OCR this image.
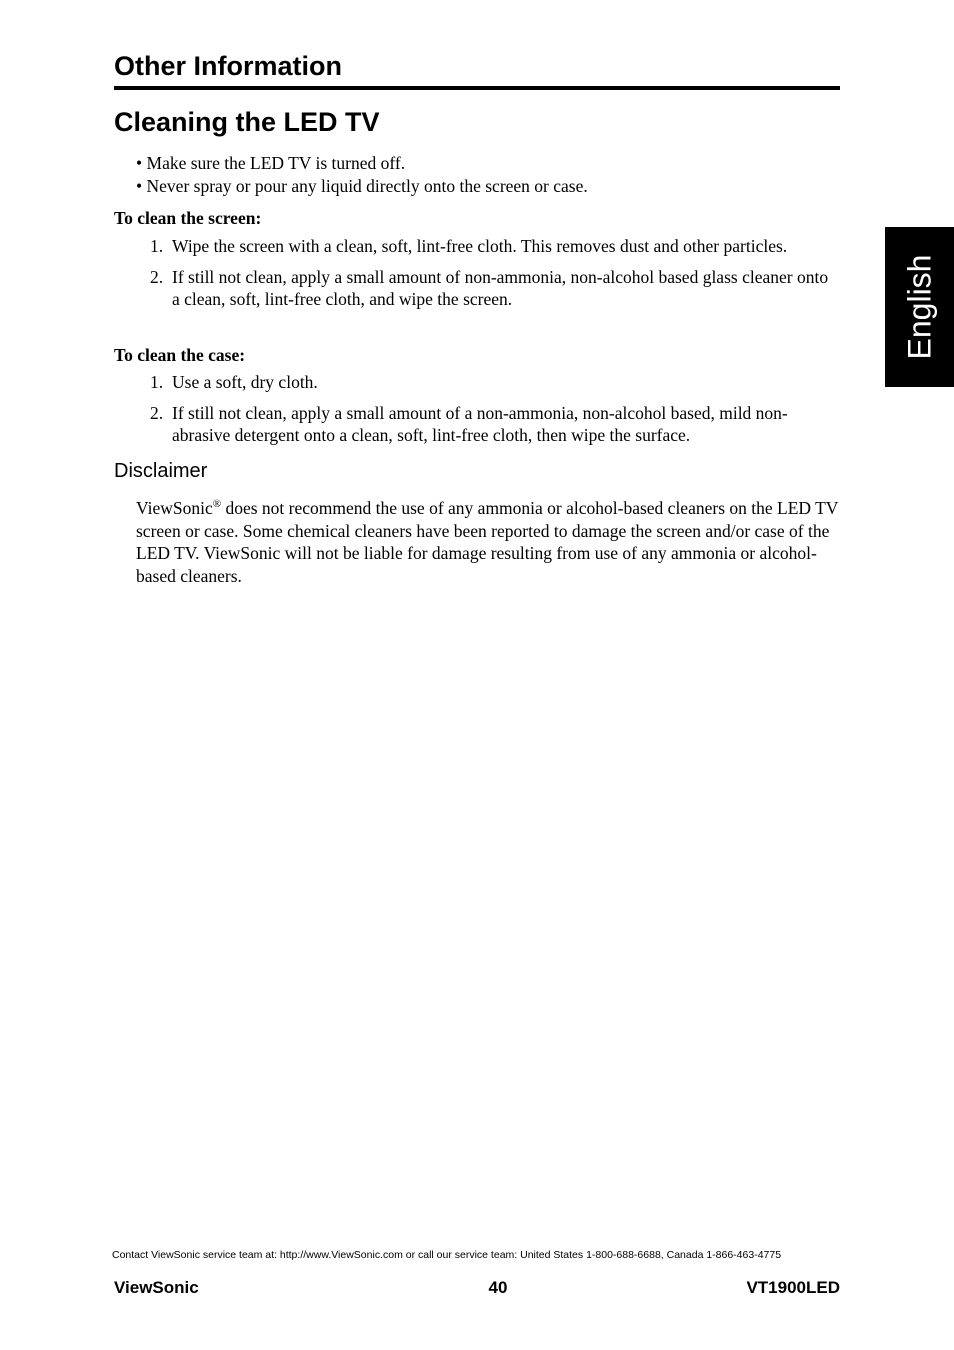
Other Information
Cleaning the LED TV
• Make sure the LED TV is turned off.
• Never spray or pour any liquid directly onto the screen or case.

To clean the screen:

1. Wipe the screen with a clean, soft, lint-free cloth. This removes dust and other particles.
2. If still not clean, apply a small amount of non-ammonia, non-alcohol based glass cleaner onto a clean, soft, lint-free cloth, and wipe the screen.

To clean the case:

1. Use a soft, dry cloth.
2. If still not clean, apply a small amount of a non-ammonia, non-alcohol based, mild non-abrasive detergent onto a clean, soft, lint-free cloth, then wipe the surface.
Disclaimer

ViewSonic® does not recommend the use of any ammonia or alcohol-based cleaners on the LED TV screen or case. Some chemical cleaners have been reported to damage the screen and/or case of the LED TV. ViewSonic will not be liable for damage resulting from use of any ammonia or alcohol-based cleaners.

English
Contact ViewSonic service team at: http://www.ViewSonic.com or call our service team: United States 1-800-688-6688, Canada 1-866-463-4775
ViewSonic	40	VT1900LED
